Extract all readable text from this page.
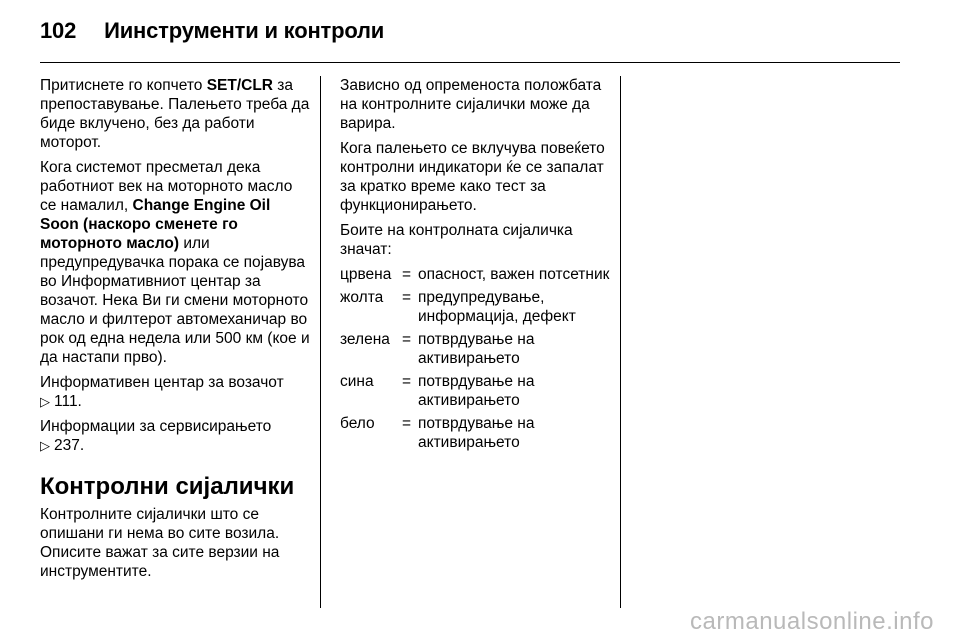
102 Иинструменти и контроли

Притиснете го копчето SET/CLR за препоставување. Палењето треба да биде вклучено, без да работи моторот.

Кога системот пресметал дека работниот век на моторното масло се намалил, Change Engine Oil Soon (наскоро сменете го моторното масло) или предупредувачка порака се појавува во Информативниот центар за возачот. Нека Ви ги смени моторното масло и филтерот автомеханичар во рок од една недела или 500 км (кое и да настапи прво).

Информативен центар за возачот
▷ 111.

Информации за сервисирањето
▷ 237.

Контролни сијалички

Контролните сијалички што се опишани ги нема во сите возила. Описите важат за сите верзии на инструментите.

Зависно од опременоста положбата на контролните сијалички може да варира.

Кога палењето се вклучува повеќето контролни индикатори ќе се запалат за кратко време како тест за функционирањето.

Боите на контролната сијаличка значат:

црвена	=	опасност, важен потсетник
жолта	=	предупредување, информација, дефект
зелена	=	потврдување на активирањето
сина	=	потврдување на активирањето
бело	=	потврдување на активирањето
carmanualsonline.info
